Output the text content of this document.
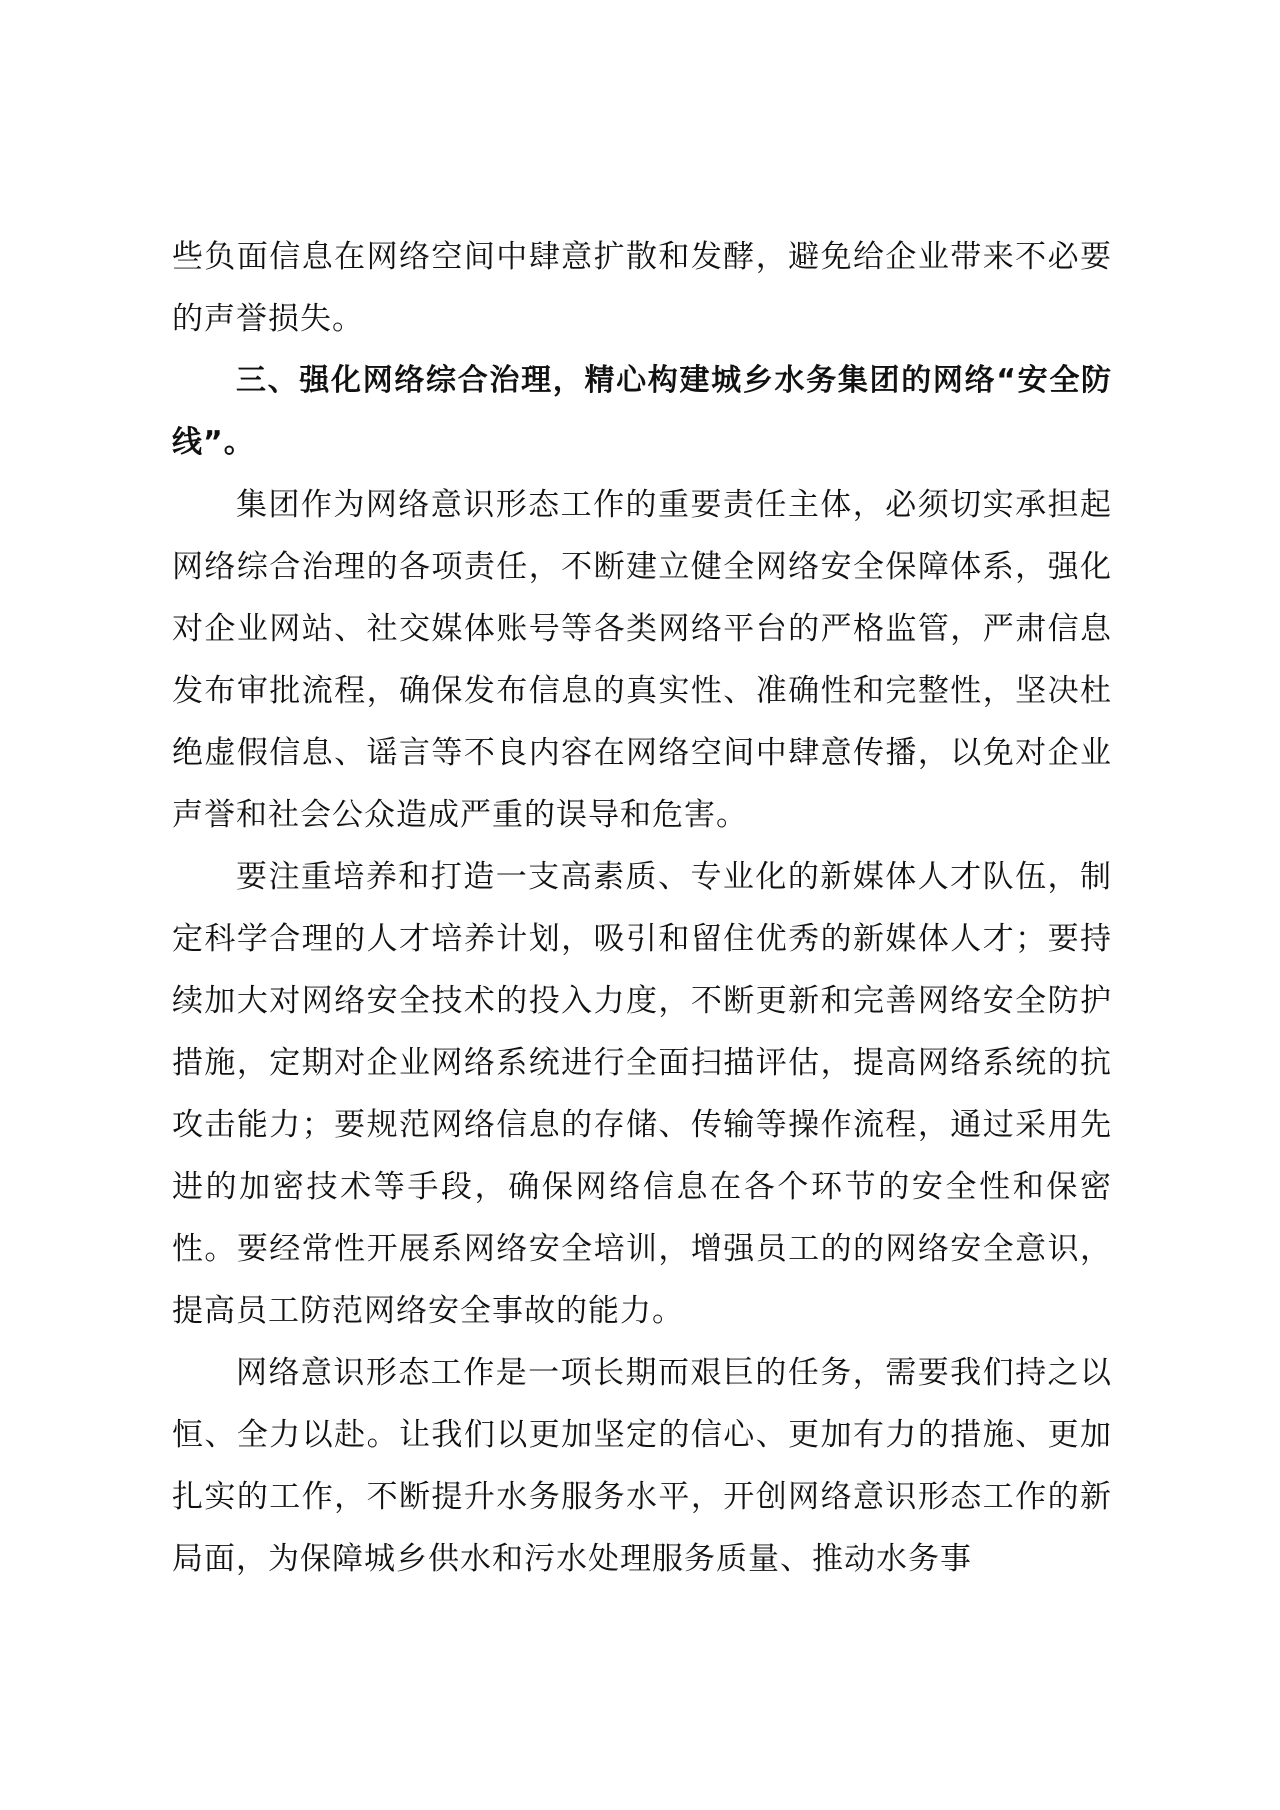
些负面信息在网络空间中肆意扩散和发酵，避免给企业带来不必要的声誉损失。

三、强化网络综合治理，精心构建城乡水务集团的网络“安全防线”。

集团作为网络意识形态工作的重要责任主体，必须切实承担起网络综合治理的各项责任，不断建立健全网络安全保障体系，强化对企业网站、社交媒体账号等各类网络平台的严格监管，严肃信息发布审批流程，确保发布信息的真实性、准确性和完整性，坚决杜绝虚假信息、谣言等不良内容在网络空间中肆意传播，以免对企业声誉和社会公众造成严重的误导和危害。

要注重培养和打造一支高素质、专业化的新媒体人才队伍，制定科学合理的人才培养计划，吸引和留住优秀的新媒体人才；要持续加大对网络安全技术的投入力度，不断更新和完善网络安全防护措施，定期对企业网络系统进行全面扫描评估，提高网络系统的抗攻击能力；要规范网络信息的存储、传输等操作流程，通过采用先进的加密技术等手段，确保网络信息在各个环节的安全性和保密性。要经常性开展系网络安全培训，增强员工的的网络安全意识，提高员工防范网络安全事故的能力。

网络意识形态工作是一项长期而艰巨的任务，需要我们持之以恒、全力以赴。让我们以更加坚定的信心、更加有力的措施、更加扎实的工作，不断提升水务服务水平，开创网络意识形态工作的新局面，为保障城乡供水和污水处理服务质量、推动水务事
